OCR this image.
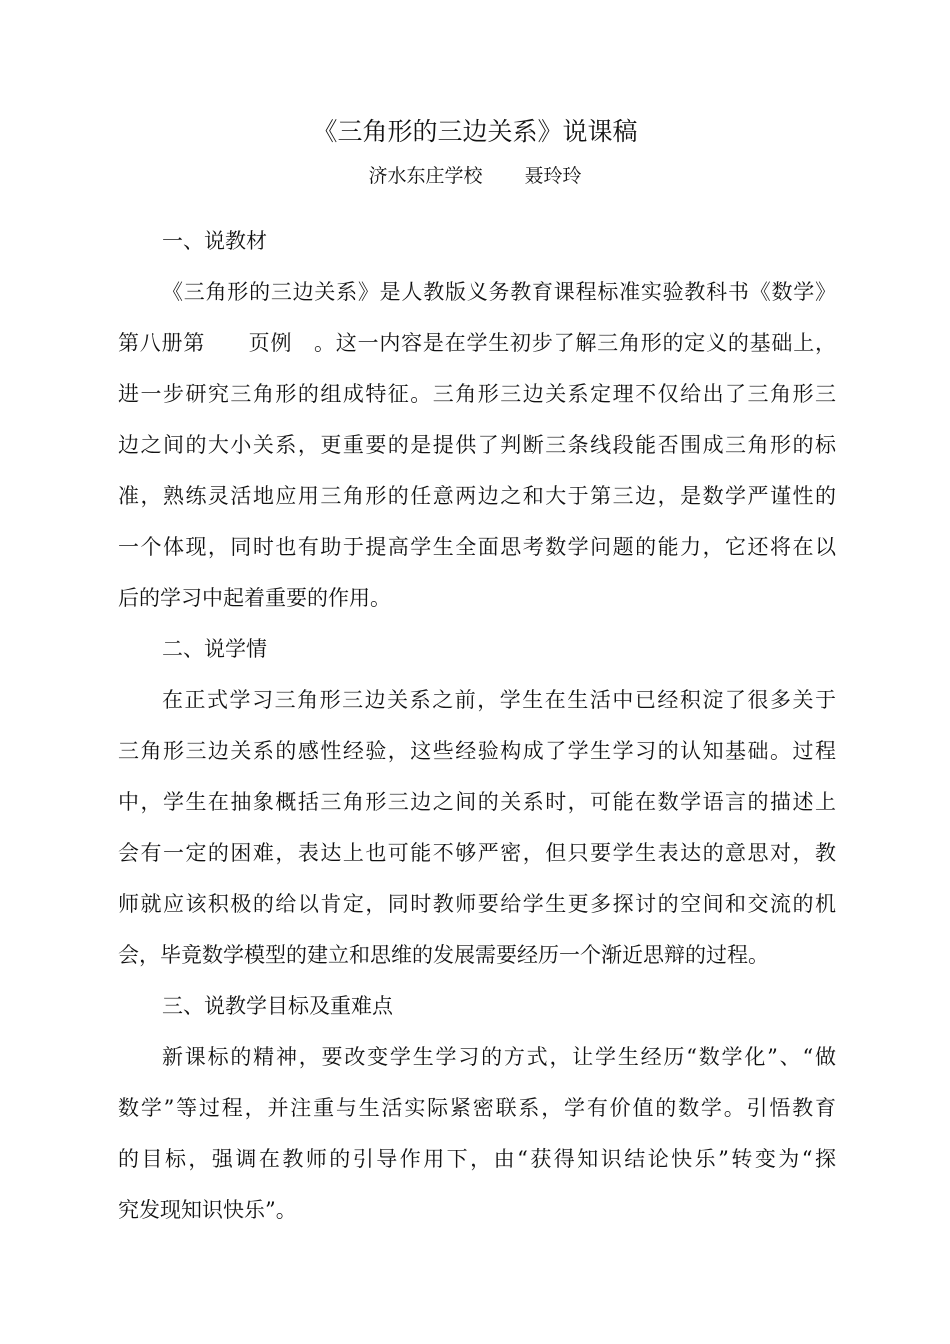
《三角形的三边关系》说课稿
济水东庄学校 聂玲玲

一、说教材

《三角形的三边关系》是人教版义务教育课程标准实验教科书《数学》
第八册第　　页例　。这一内容是在学生初步了解三角形的定义的基础上，
进一步研究三角形的组成特征。三角形三边关系定理不仅给出了三角形三
边之间的大小关系，更重要的是提供了判断三条线段能否围成三角形的标
准，熟练灵活地应用三角形的任意两边之和大于第三边，是数学严谨性的
一个体现，同时也有助于提高学生全面思考数学问题的能力，它还将在以
后的学习中起着重要的作用。

二、说学情

在正式学习三角形三边关系之前，学生在生活中已经积淀了很多关于
三角形三边关系的感性经验，这些经验构成了学生学习的认知基础。过程
中，学生在抽象概括三角形三边之间的关系时，可能在数学语言的描述上
会有一定的困难，表达上也可能不够严密，但只要学生表达的意思对，教
师就应该积极的给以肯定，同时教师要给学生更多探讨的空间和交流的机
会，毕竟数学模型的建立和思维的发展需要经历一个渐近思辩的过程。

三、说教学目标及重难点

新课标的精神，要改变学生学习的方式，让学生经历“数学化”、“做
数学”等过程，并注重与生活实际紧密联系，学有价值的数学。引悟教育
的目标，强调在教师的引导作用下，由“获得知识结论快乐”转变为“探
究发现知识快乐”。
